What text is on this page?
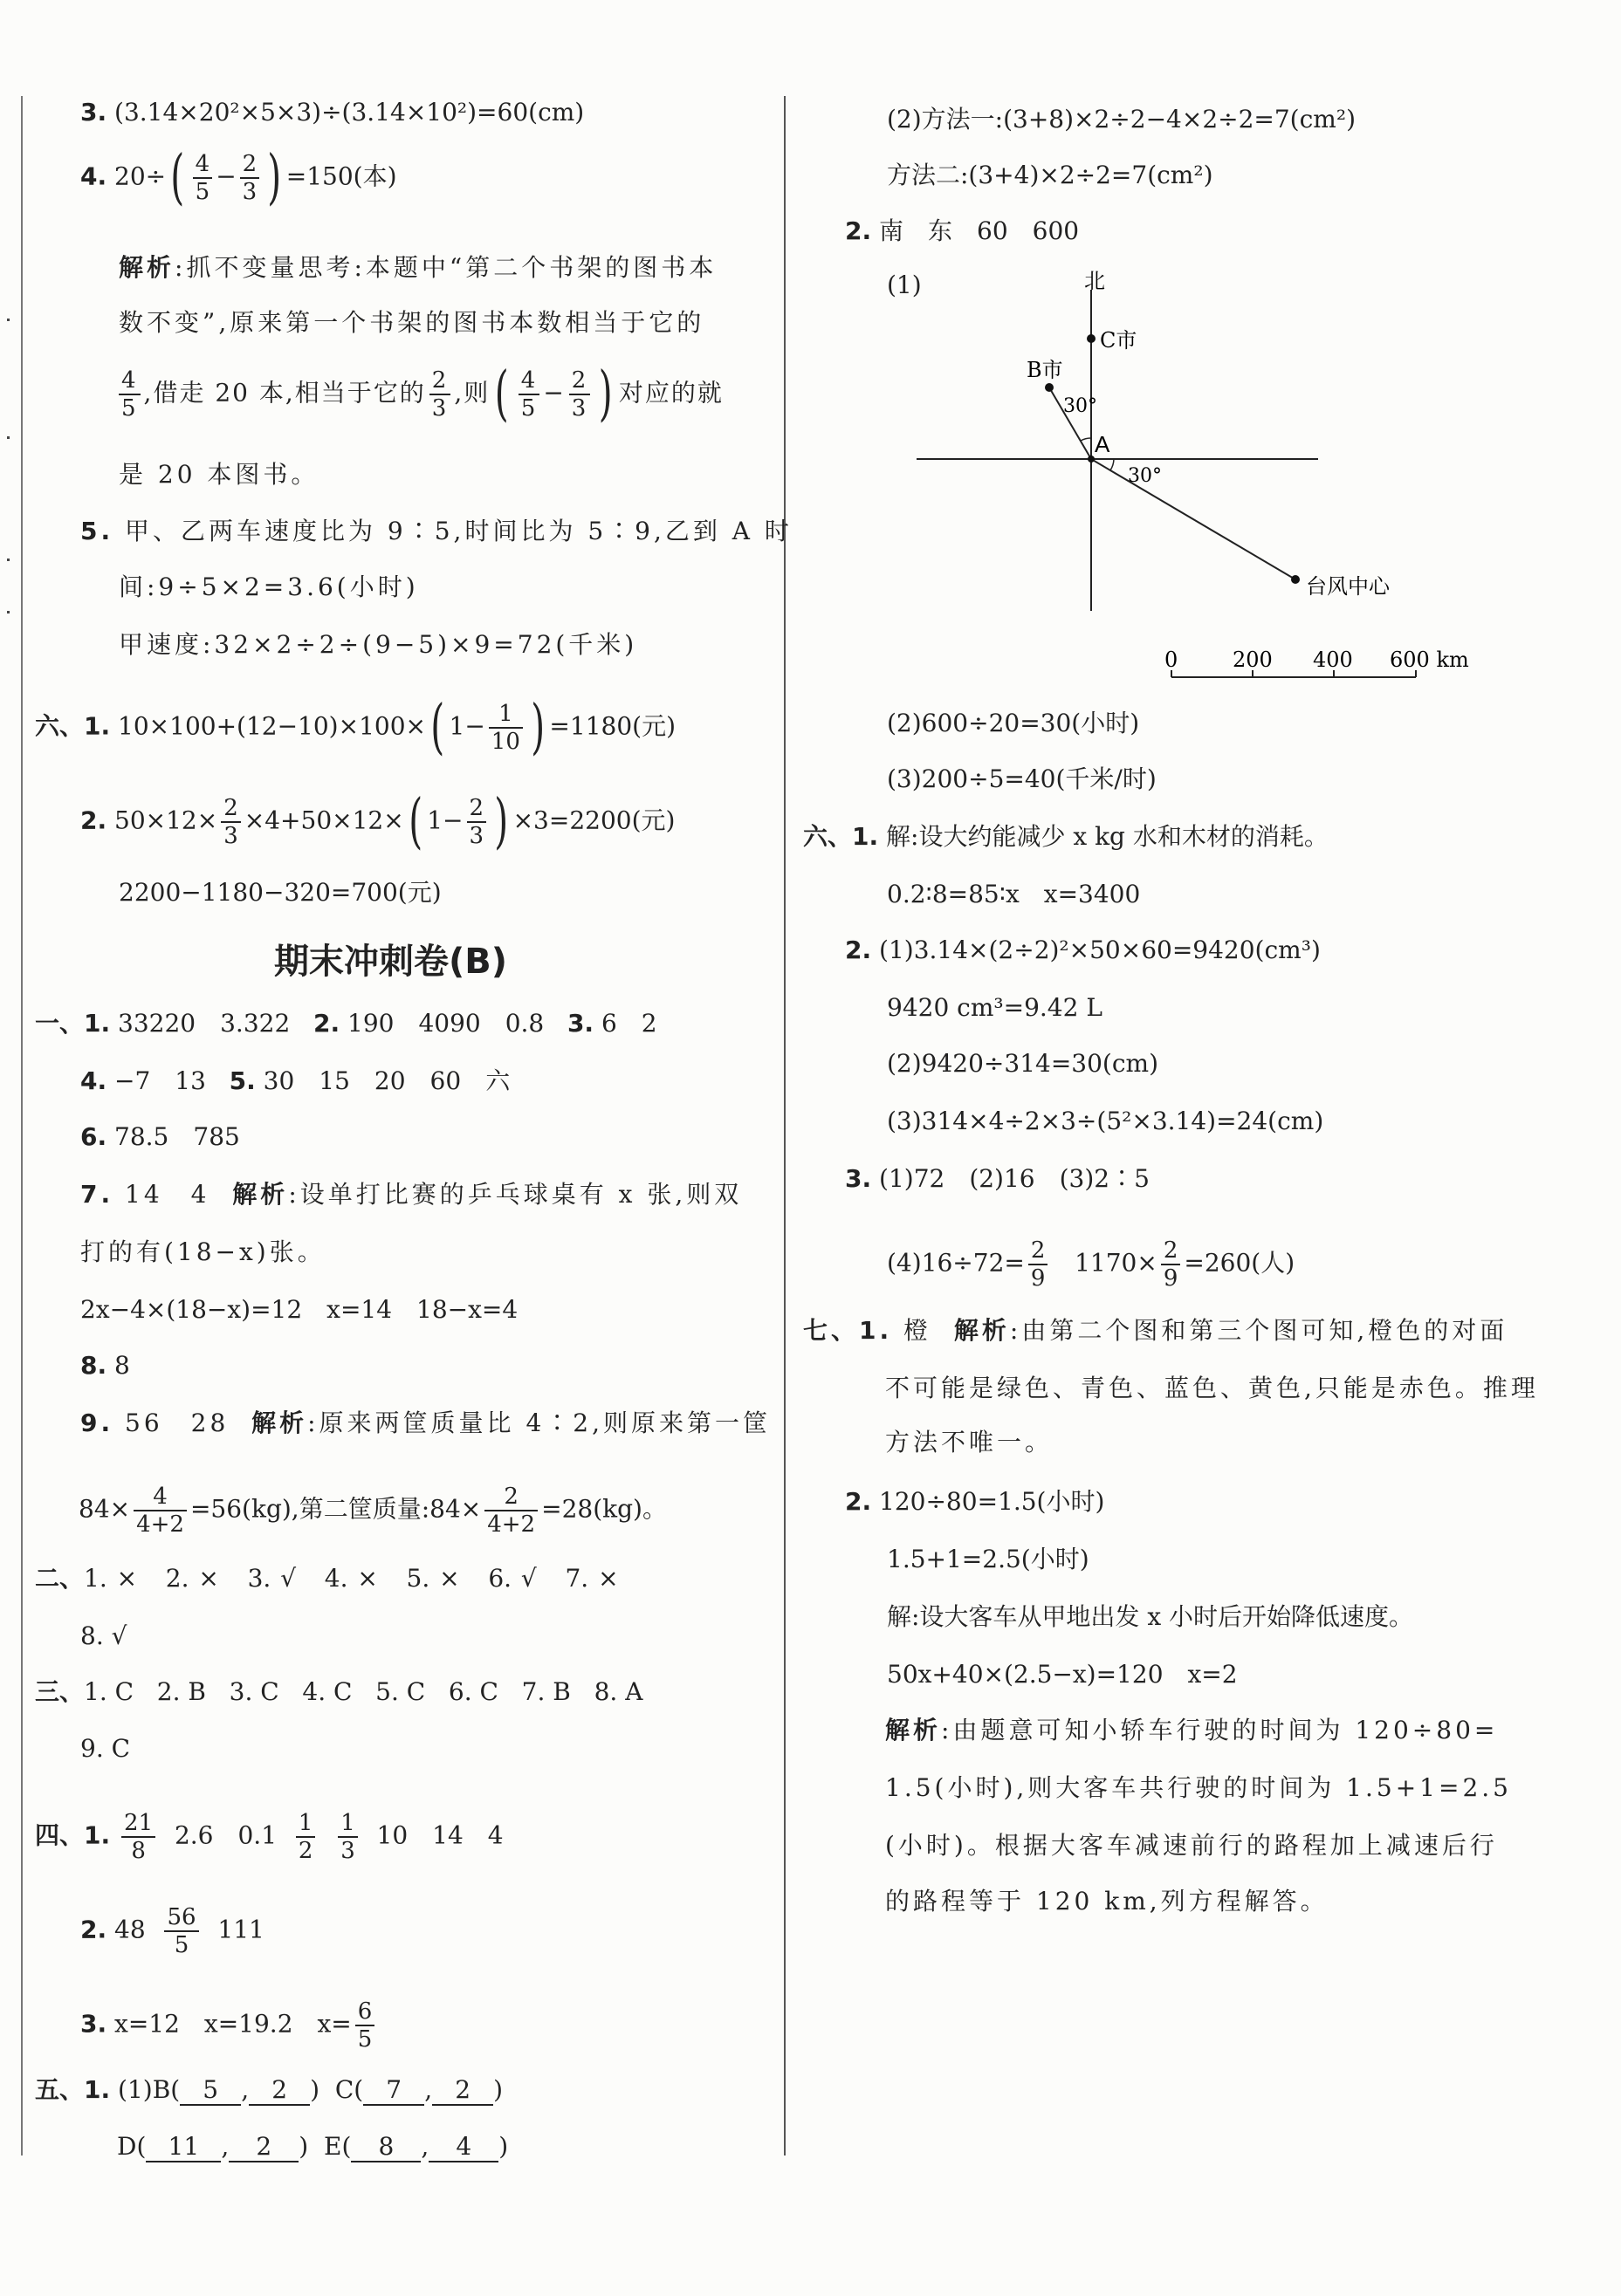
3. (3.14×20²×5×3)÷(3.14×10²)=60(cm)
4. $20\div( \frac{4}{5} - \frac{2}{3}$ ) =150(本)
解析:抓不变量思考:本题中“第二个书架的图书本
数不变”,原来第一个书架的图书本数相当于它的
$\frac{4}{5}$ ,借走 20 本,相当于它的 $\frac{2}{3}$ ,则( $\frac{4}{5} - \frac{2}{3}$ ) 对应的就
是 20 本图书。
5. 甲、乙两车速度比为 9∶5,时间比为 5∶9,乙到 A 时
间:9÷5×2=3.6(小时)
甲速度:32×2÷2÷(9−5)×9=72(千米)
六、1. 10×100+(12−10)×100×( $1- \frac{1}{10}$ ) =1180(元)
2. $50\times 12\times \frac{2}{3} \times 4+50\times 12\times$( $1- \frac{2}{3}$ ) ×3=2200(元)
2200−1180−320=700(元)
期末冲刺卷(B)
一、1. 33220　3.322 2. 190　4090　0.8 3. 6　2
4. −7　13 5. 30　15　20　60　六
6. 78.5　785
7. 14　4 解析:设单打比赛的乒乓球桌有 x 张,则双
打的有(18−x)张。
2x−4×(18−x)=12　x=14　18−x=4
8. 8
9. 56　28 解析:原来两筐质量比 4∶2,则原来第一筐
$84\times \frac{4}{4+2} =56(kg)$,第二筐质量:84× $\frac{2}{4+2} =28(kg)$。
二、1. × 2. × 3. √ 4. × 5. × 6. √ 7. ×
8. √
三、1. C 2. B 3. C 4. C 5. C 6. C 7. B 8. A
9. C
四、1. $\frac{21}{8} 2.6$　$0.1 \frac{1}{2}$
$\frac{1}{3} 10$　14　4
2. $48 \frac{56}{5} 111$
3. x=12　x=19.2　$x= \frac{6}{5}$
五、1. (1)B( 5 , 2 )  C( 7 , 2 )
D( 11 , 2 )  E( 8 , 4 )
(2)方法一:(3+8)×2÷2−4×2÷2=7(cm²)
方法二:(3+4)×2÷2=7(cm²)
2. 南　东　60　600
(1)	北
C市
B市
30°
A
30°
台风中心
0	200 400 600 km
(2)600÷20=30(小时)
(3)200÷5=40(千米/时)
六、1. 解:设大约能减少 x kg 水和木材的消耗。
0.2∶8=85∶x　x=3400
2. (1)3.14×(2÷2)²×50×60=9420(cm³)
9420 cm³=9.42 L
(2)9420÷314=30(cm)
(3)314×4÷2×3÷(5²×3.14)=24(cm)
3. (1)72　(2)16　(3)2∶5
$(4)16\div 72= \frac{2}{9} 1170\times \frac{2}{9} =260$(人)
七、1. 橙 解析:由第二个图和第三个图可知,橙色的对面
不可能是绿色、青色、蓝色、黄色,只能是赤色。推理
方法不唯一。
2. 120÷80=1.5(小时)
1.5+1=2.5(小时)
解:设大客车从甲地出发 x 小时后开始降低速度。
50x+40×(2.5−x)=120　x=2
解析:由题意可知小轿车行驶的时间为 120÷80=
1.5(小时),则大客车共行驶的时间为 1.5+1=2.5
(小时)。根据大客车减速前行的路程加上减速后行
的路程等于 120 km,列方程解答。
